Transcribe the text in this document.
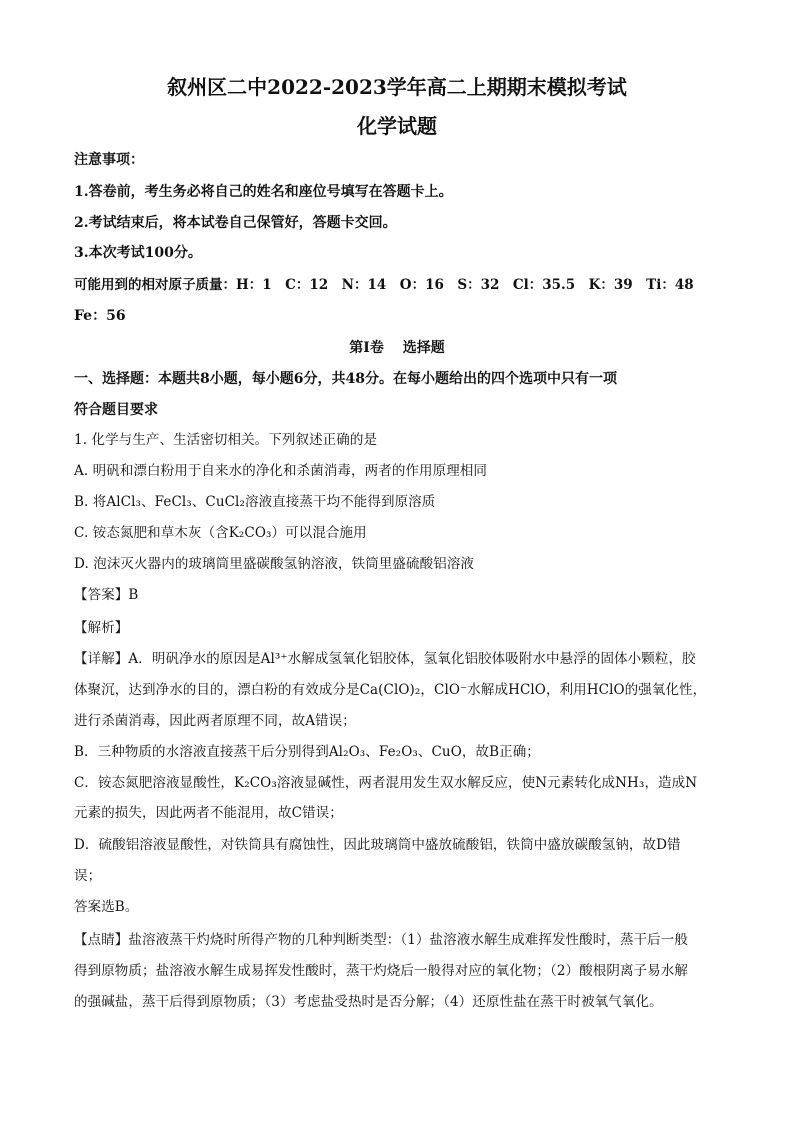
叙州区二中2022-2023学年高二上期期末模拟考试
化学试题
注意事项：
1.答卷前，考生务必将自己的姓名和座位号填写在答题卡上。
2.考试结束后，将本试卷自己保管好，答题卡交回。
3.本次考试100分。
可能用到的相对原子质量：H：1　C：12　N：14　O：16　S：32　Cl：35.5　K：39　Ti：48
Fe：56
第I卷　 选择题
一、选择题：本题共8小题，每小题6分，共48分。在每小题给出的四个选项中只有一项
符合题目要求
1. 化学与生产、生活密切相关。下列叙述正确的是
A. 明矾和漂白粉用于自来水的净化和杀菌消毒，两者的作用原理相同
B. 将AlCl₃、FeCl₃、CuCl₂溶液直接蒸干均不能得到原溶质
C. 铵态氮肥和草木灰（含K₂CO₃）可以混合施用
D. 泡沫灭火器内的玻璃筒里盛碳酸氢钠溶液，铁筒里盛硫酸铝溶液
【答案】B
【解析】
【详解】A．明矾净水的原因是Al³⁺水解成氢氧化铝胶体，氢氧化铝胶体吸附水中悬浮的固体小颗粒，胶
体聚沉，达到净水的目的，漂白粉的有效成分是Ca(ClO)₂，ClO⁻水解成HClO，利用HClO的强氧化性，
进行杀菌消毒，因此两者原理不同，故A错误；
B．三种物质的水溶液直接蒸干后分别得到Al₂O₃、Fe₂O₃、CuO，故B正确；
C．铵态氮肥溶液显酸性，K₂CO₃溶液显碱性，两者混用发生双水解反应，使N元素转化成NH₃，造成N
元素的损失，因此两者不能混用，故C错误；
D．硫酸铝溶液显酸性，对铁筒具有腐蚀性，因此玻璃筒中盛放硫酸铝，铁筒中盛放碳酸氢钠，故D错
误；
答案选B。
【点睛】盐溶液蒸干灼烧时所得产物的几种判断类型：（1）盐溶液水解生成难挥发性酸时，蒸干后一般
得到原物质；盐溶液水解生成易挥发性酸时，蒸干灼烧后一般得对应的氧化物；（2）酸根阴离子易水解
的强碱盐，蒸干后得到原物质；（3）考虑盐受热时是否分解；（4）还原性盐在蒸干时被氧气氧化。
